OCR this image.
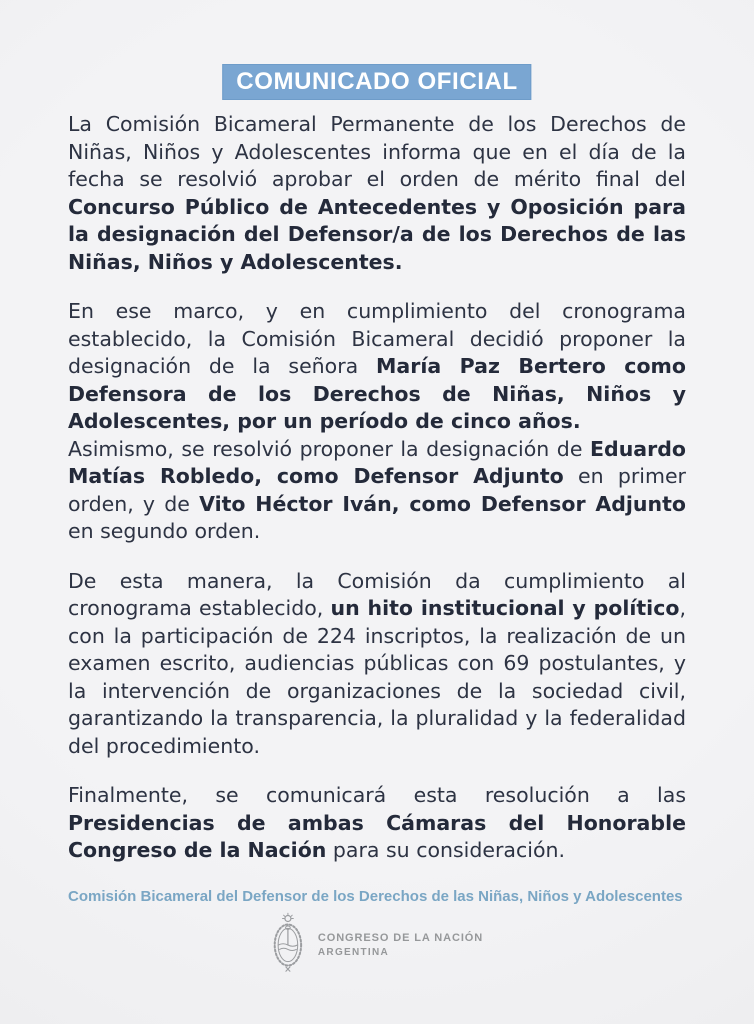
COMUNICADO OFICIAL

La Comisión Bicameral Permanente de los Derechos de Niñas, Niños y Adolescentes informa que en el día de la fecha se resolvió aprobar el orden de mérito final del Concurso Público de Antecedentes y Oposición para la designación del Defensor/a de los Derechos de las Niñas, Niños y Adolescentes.

En ese marco, y en cumplimiento del cronograma establecido, la Comisión Bicameral decidió proponer la designación de la señora María Paz Bertero como Defensora de los Derechos de Niñas, Niños y Adolescentes, por un período de cinco años.
Asimismo, se resolvió proponer la designación de Eduardo Matías Robledo, como Defensor Adjunto en primer orden, y de Vito Héctor Iván, como Defensor Adjunto en segundo orden.

De esta manera, la Comisión da cumplimiento al cronograma establecido, un hito institucional y político, con la participación de 224 inscriptos, la realización de un examen escrito, audiencias públicas con 69 postulantes, y la intervención de organizaciones de la sociedad civil, garantizando la transparencia, la pluralidad y la federalidad del procedimiento.

Finalmente, se comunicará esta resolución a las Presidencias de ambas Cámaras del Honorable Congreso de la Nación para su consideración.

Comisión Bicameral del Defensor de los Derechos de las Niñas, Niños y Adolescentes
CONGRESO DE LA NACIÓN
ARGENTINA
